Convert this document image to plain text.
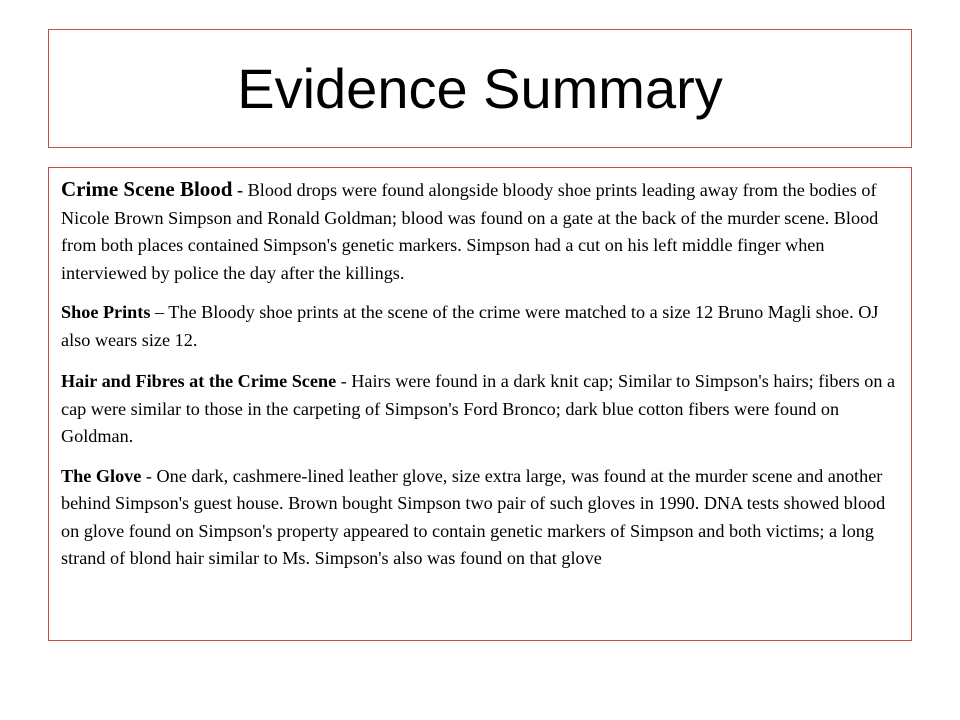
Evidence Summary

Crime Scene Blood - Blood drops were found alongside bloody shoe prints leading away from the bodies of Nicole Brown Simpson and Ronald Goldman; blood was found on a gate at the back of the murder scene. Blood from both places contained Simpson's genetic markers. Simpson had a cut on his left middle finger when interviewed by police the day after the killings.

Shoe Prints – The Bloody shoe prints at the scene of the crime were matched to a size 12 Bruno Magli shoe. OJ also wears size 12.

Hair and Fibres at the Crime Scene - Hairs were found in a dark knit cap; Similar to Simpson's hairs; fibers on a cap were similar to those in the carpeting of Simpson's Ford Bronco; dark blue cotton fibers were found on Goldman.

The Glove - One dark, cashmere-lined leather glove, size extra large, was found at the murder scene and another behind Simpson's guest house. Brown bought Simpson two pair of such gloves in 1990. DNA tests showed blood on glove found on Simpson's property appeared to contain genetic markers of Simpson and both victims; a long strand of blond hair similar to Ms. Simpson's also was found on that glove
